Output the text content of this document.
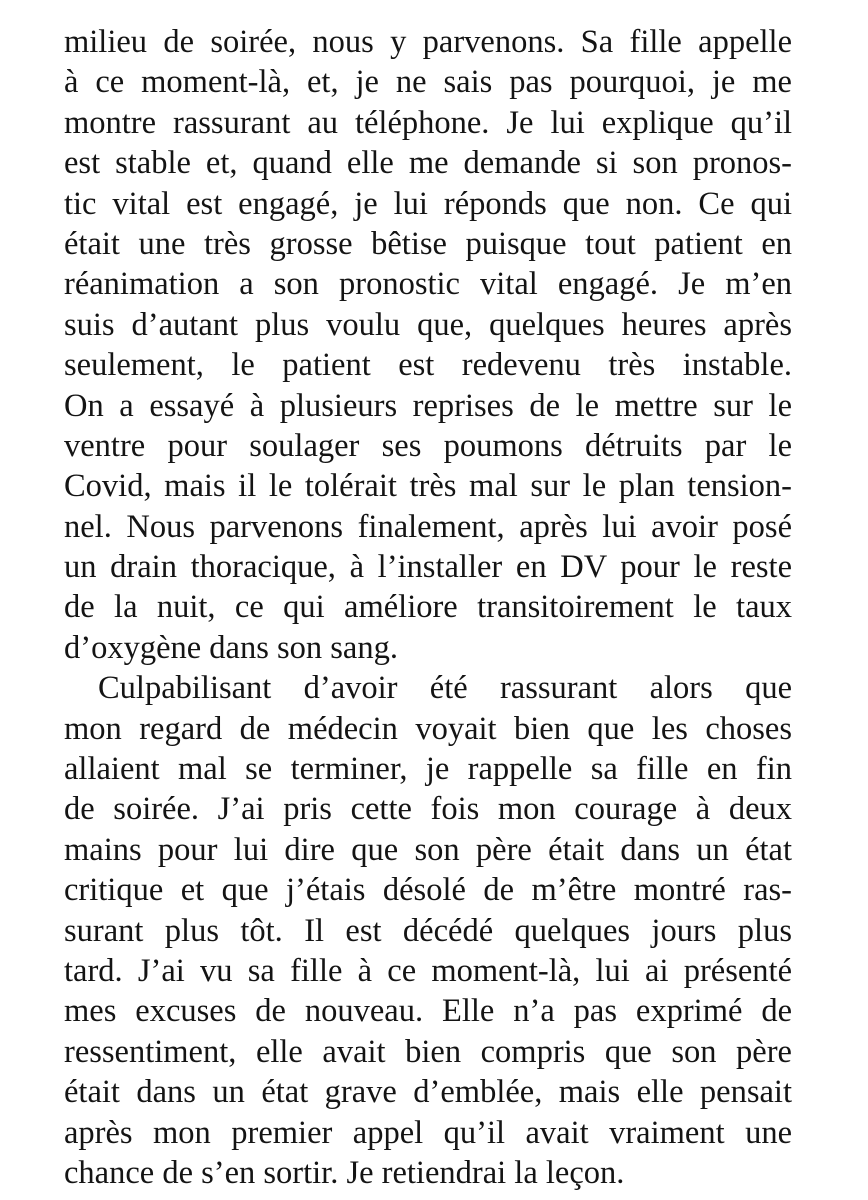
milieu de soirée, nous y parvenons. Sa fille appelle
à ce moment-là, et, je ne sais pas pourquoi, je me
montre rassurant au téléphone. Je lui explique qu’il
est stable et, quand elle me demande si son pronos-
tic vital est engagé, je lui réponds que non. Ce qui
était une très grosse bêtise puisque tout patient en
réanimation a son pronostic vital engagé. Je m’en
suis d’autant plus voulu que, quelques heures après
seulement, le patient est redevenu très instable.
On a essayé à plusieurs reprises de le mettre sur le
ventre pour soulager ses poumons détruits par le
Covid, mais il le tolérait très mal sur le plan tension-
nel. Nous parvenons finalement, après lui avoir posé
un drain thoracique, à l’installer en DV pour le reste
de la nuit, ce qui améliore transitoirement le taux
d’oxygène dans son sang.

Culpabilisant d’avoir été rassurant alors que
mon regard de médecin voyait bien que les choses
allaient mal se terminer, je rappelle sa fille en fin
de soirée. J’ai pris cette fois mon courage à deux
mains pour lui dire que son père était dans un état
critique et que j’étais désolé de m’être montré ras-
surant plus tôt. Il est décédé quelques jours plus
tard. J’ai vu sa fille à ce moment-là, lui ai présenté
mes excuses de nouveau. Elle n’a pas exprimé de
ressentiment, elle avait bien compris que son père
était dans un état grave d’emblée, mais elle pensait
après mon premier appel qu’il avait vraiment une
chance de s’en sortir. Je retiendrai la leçon.
